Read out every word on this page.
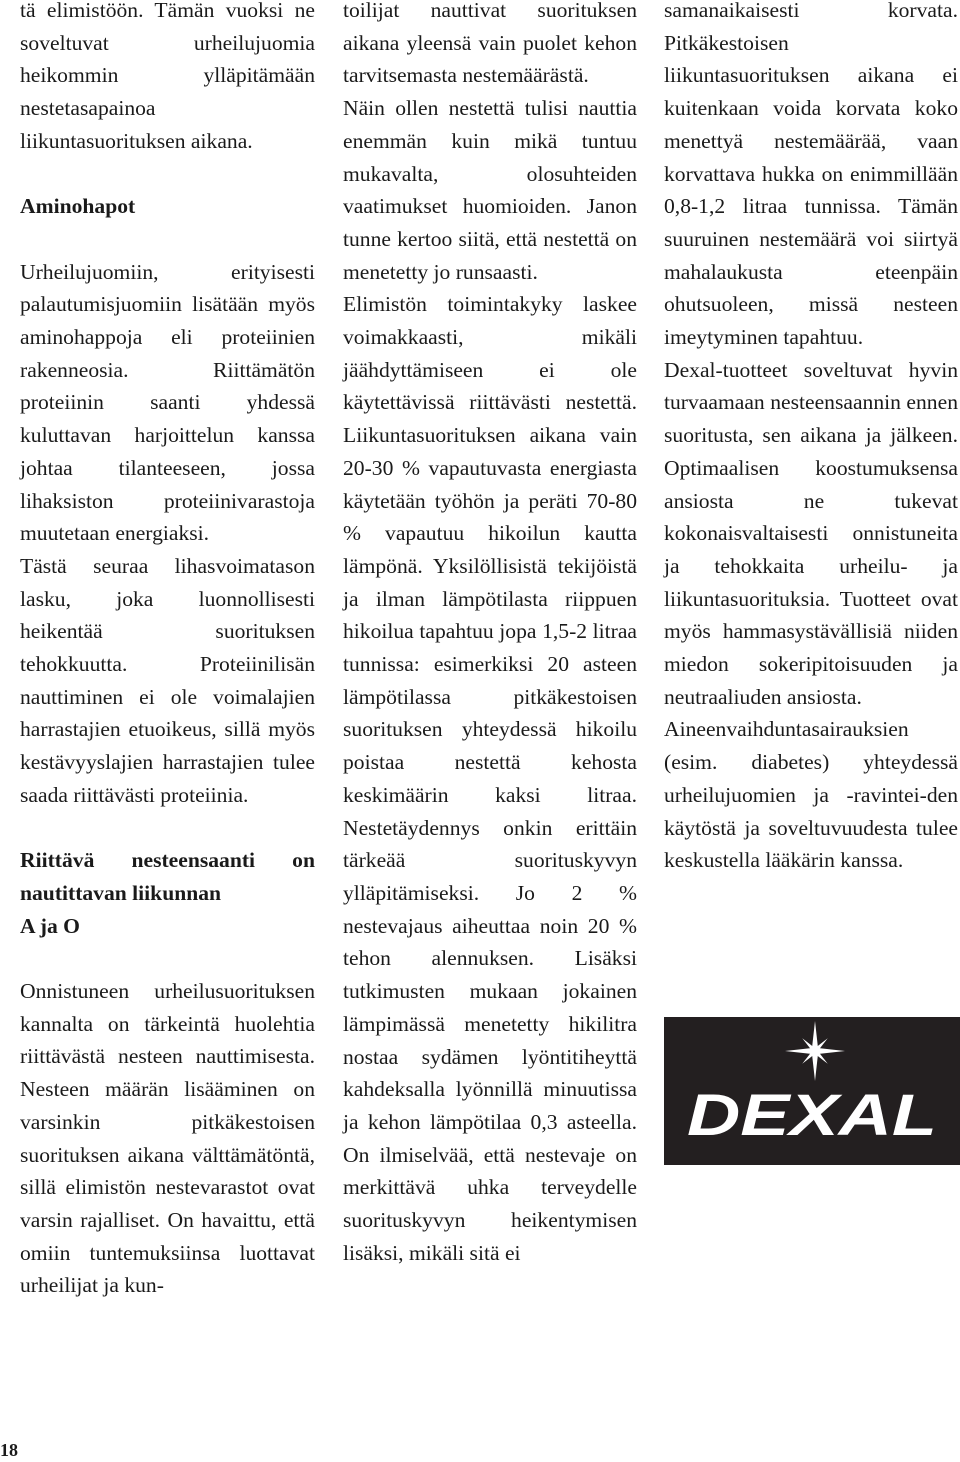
tä elimistöön. Tämän vuoksi ne soveltuvat urheilujuomia heikommin ylläpitämään nestetasapainoa liikuntasuorituksen aikana.

Aminohapot

Urheilujuomiin, erityisesti palautumisjuomiin lisätään myös aminohappoja eli proteiinien rakenneosia. Riittämätön proteiinin saanti yhdessä kuluttavan harjoittelun kanssa johtaa tilanteeseen, jossa lihaksiston proteiinivarastoja muutetaan energiaksi.

Tästä seuraa lihasvoimatason lasku, joka luonnollisesti heikentää suorituksen tehokkuutta. Proteiinilisän nauttiminen ei ole voimalajien harrastajien etuoikeus, sillä myös kestävyyslajien harrastajien tulee saada riittävästi proteiinia.

Riittävä nesteensaanti on nautittavan liikunnan
A ja O

Onnistuneen urheilusuorituksen kannalta on tärkeintä huolehtia riittävästä nesteen nauttimisesta. Nesteen määrän lisääminen on varsinkin pitkäkestoisen suorituksen aikana välttämätöntä, sillä elimistön nestevarastot ovat varsin rajalliset. On havaittu, että omiin tuntemuksiinsa luottavat urheilijat ja kun-

toilijat nauttivat suorituksen aikana yleensä vain puolet kehon tarvitsemasta nestemäärästä.

Näin ollen nestettä tulisi nauttia enemmän kuin mikä tuntuu mukavalta, olosuhteiden vaatimukset huomioiden. Janon tunne kertoo siitä, että nestettä on menetetty jo runsaasti.

Elimistön toimintakyky laskee voimakkaasti, mikäli jäähdyttämiseen ei ole käytettävissä riittävästi nestettä. Liikuntasuorituksen aikana vain 20-30 % vapautuvasta energiasta käytetään työhön ja peräti 70-80 % vapautuu hikoilun kautta lämpönä. Yksilöllisistä tekijöistä ja ilman lämpötilasta riippuen hikoilua tapahtuu jopa 1,5-2 litraa tunnissa: esimerkiksi 20 asteen lämpötilassa pitkäkestoisen suorituksen yhteydessä hikoilu poistaa nestettä kehosta keskimäärin kaksi litraa. Nestetäydennys onkin erittäin tärkeää suorituskyvyn ylläpitämiseksi. Jo 2 % nestevajaus aiheuttaa noin 20 % tehon alennuksen. Lisäksi tutkimusten mukaan jokainen lämpimässä menetetty hikilitra nostaa sydämen lyöntitiheyttä kahdeksalla lyönnillä minuutissa ja kehon lämpötilaa 0,3 asteella. On ilmiselvää, että nestevaje on merkittävä uhka terveydelle suorituskyvyn heikentymisen lisäksi, mikäli sitä ei

samanaikaisesti korvata. Pitkäkestoisen liikuntasuorituksen aikana ei kuitenkaan voida korvata koko menettyä nestemäärää, vaan korvattava hukka on enimmillään 0,8-1,2 litraa tunnissa. Tämän suuruinen nestemäärä voi siirtyä mahalaukusta eteenpäin ohutsuoleen, missä nesteen imeytyminen tapahtuu.

Dexal-tuotteet soveltuvat hyvin turvaamaan nesteensaannin ennen suoritusta, sen aikana ja jälkeen. Optimaalisen koostumuksensa ansiosta ne tukevat kokonaisvaltaisesti onnistuneita ja tehokkaita urheilu- ja liikuntasuorituksia. Tuotteet ovat myös hammasystävällisiä niiden miedon sokeripitoisuuden ja neutraaliuden ansiosta.

Aineenvaihduntasairauksien (esim. diabetes) yhteydessä urheilujuomien ja -ravintei-den käytöstä ja soveltuvuudesta tulee keskustella lääkärin kanssa.

DEXAL
18
